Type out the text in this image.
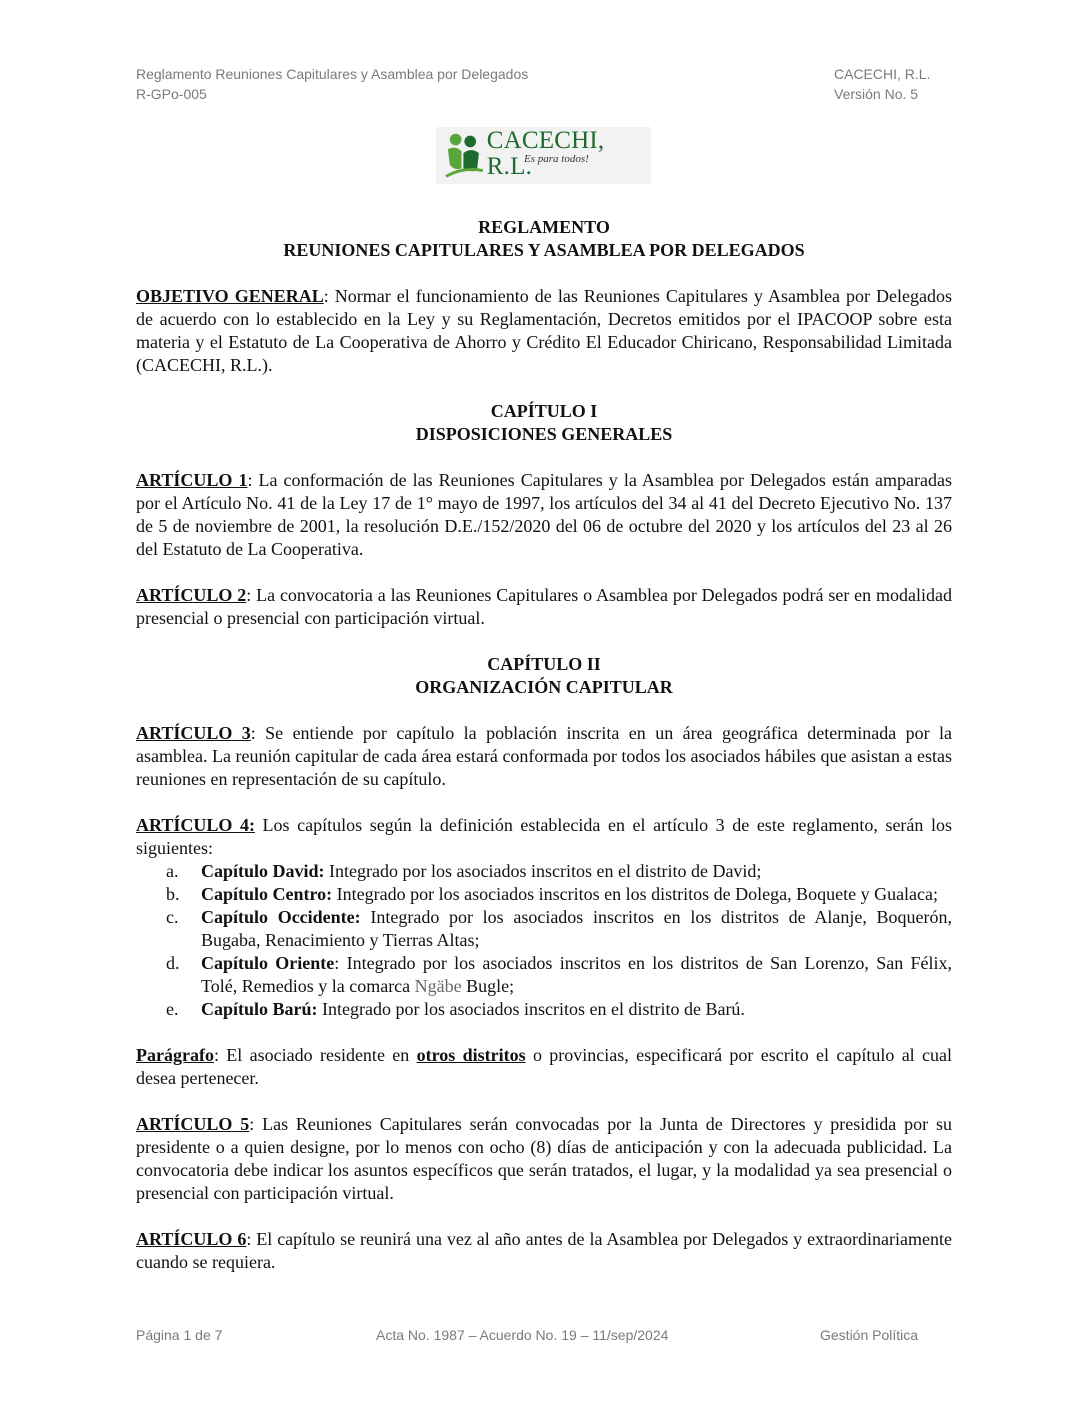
Reglamento Reuniones Capitulares y Asamblea por Delegados
R-GPo-005
CACECHI, R.L.
Versión No. 5
CACECHI, R.L.
Es para todos!
REGLAMENTO
REUNIONES CAPITULARES Y ASAMBLEA POR DELEGADOS

OBJETIVO GENERAL: Normar el funcionamiento de las Reuniones Capitulares y Asamblea por Delegados de acuerdo con lo establecido en la Ley y su Reglamentación, Decretos emitidos por el IPACOOP sobre esta materia y el Estatuto de La Cooperativa de Ahorro y Crédito El Educador Chiricano, Responsabilidad Limitada (CACECHI, R.L.).

CAPÍTULO I
DISPOSICIONES GENERALES

ARTÍCULO 1: La conformación de las Reuniones Capitulares y la Asamblea por Delegados están amparadas por el Artículo No. 41 de la Ley 17 de 1° mayo de 1997, los artículos del 34 al 41 del Decreto Ejecutivo No. 137 de 5 de noviembre de 2001, la resolución D.E./152/2020 del 06 de octubre del 2020 y los artículos del 23 al 26 del Estatuto de La Cooperativa.

ARTÍCULO 2: La convocatoria a las Reuniones Capitulares o Asamblea por Delegados podrá ser en modalidad presencial o presencial con participación virtual.

CAPÍTULO II
ORGANIZACIÓN CAPITULAR

ARTÍCULO 3: Se entiende por capítulo la población inscrita en un área geográfica determinada por la asamblea. La reunión capitular de cada área estará conformada por todos los asociados hábiles que asistan a estas reuniones en representación de su capítulo.

ARTÍCULO 4: Los capítulos según la definición establecida en el artículo 3 de este reglamento, serán los siguientes:

a. Capítulo David: Integrado por los asociados inscritos en el distrito de David;
b. Capítulo Centro: Integrado por los asociados inscritos en los distritos de Dolega, Boquete y Gualaca;
c. Capítulo Occidente: Integrado por los asociados inscritos en los distritos de Alanje, Boquerón, Bugaba, Renacimiento y Tierras Altas;
d. Capítulo Oriente: Integrado por los asociados inscritos en los distritos de San Lorenzo, San Félix, Tolé, Remedios y la comarca Ngäbe Bugle;
e. Capítulo Barú: Integrado por los asociados inscritos en el distrito de Barú.

Parágrafo: El asociado residente en otros distritos o provincias, especificará por escrito el capítulo al cual desea pertenecer.

ARTÍCULO 5: Las Reuniones Capitulares serán convocadas por la Junta de Directores y presidida por su presidente o a quien designe, por lo menos con ocho (8) días de anticipación y con la adecuada publicidad. La convocatoria debe indicar los asuntos específicos que serán tratados, el lugar, y la modalidad ya sea presencial o presencial con participación virtual.

ARTÍCULO 6: El capítulo se reunirá una vez al año antes de la Asamblea por Delegados y extraordinariamente cuando se requiera.

Página 1 de 7	Acta No. 1987 – Acuerdo No. 19 – 11/sep/2024	Gestión Política
